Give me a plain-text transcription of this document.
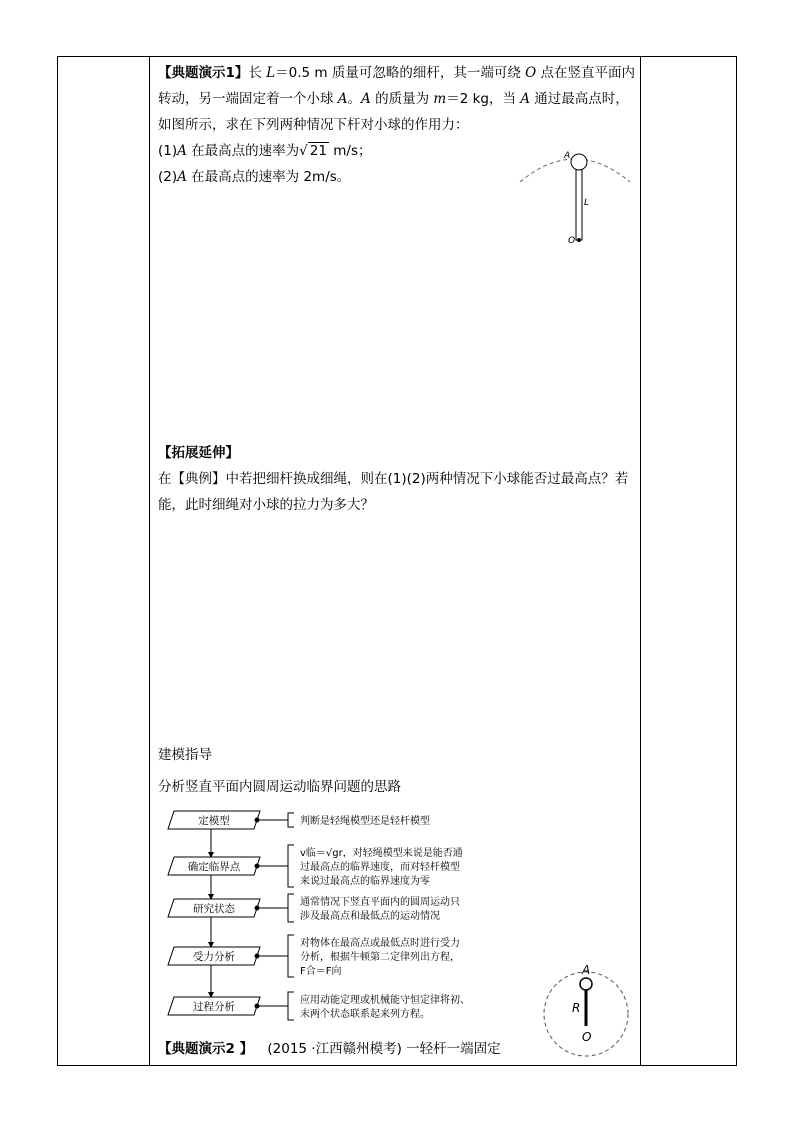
【典题演示1】长 L＝0.5 m 质量可忽略的细杆，其一端可绕 O 点在竖直平面内
转动，另一端固定着一个小球 A。A 的质量为 m＝2 kg，当 A 通过最高点时，
如图所示，求在下列两种情况下杆对小球的作用力：
(1)A 在最高点的速率为√ 21 m/s；
(2)A 在最高点的速率为 2m/s。
A
L
O
【拓展延伸】
在【典例】中若把细杆换成细绳，则在(1)(2)两种情况下小球能否过最高点？若
能，此时细绳对小球的拉力为多大？
建模指导
分析竖直平面内圆周运动临界问题的思路
定模型	判断是轻绳模型还是轻杆模型
确定临界点
v临＝√gr，对轻绳模型来说是能否通
过最高点的临界速度，而对轻杆模型
来说过最高点的临界速度为零
研究状态
通常情况下竖直平面内的圆周运动只
涉及最高点和最低点的运动情况
受力分析
对物体在最高点或最低点时进行受力
分析，根据牛顿第二定律列出方程，
F合＝F向
过程分析
应用动能定理或机械能守恒定律将初、
末两个状态联系起来列方程。
【典题演示2 】 (2015 ·江西赣州模考) 一轻杆一端固定
A
R
O
